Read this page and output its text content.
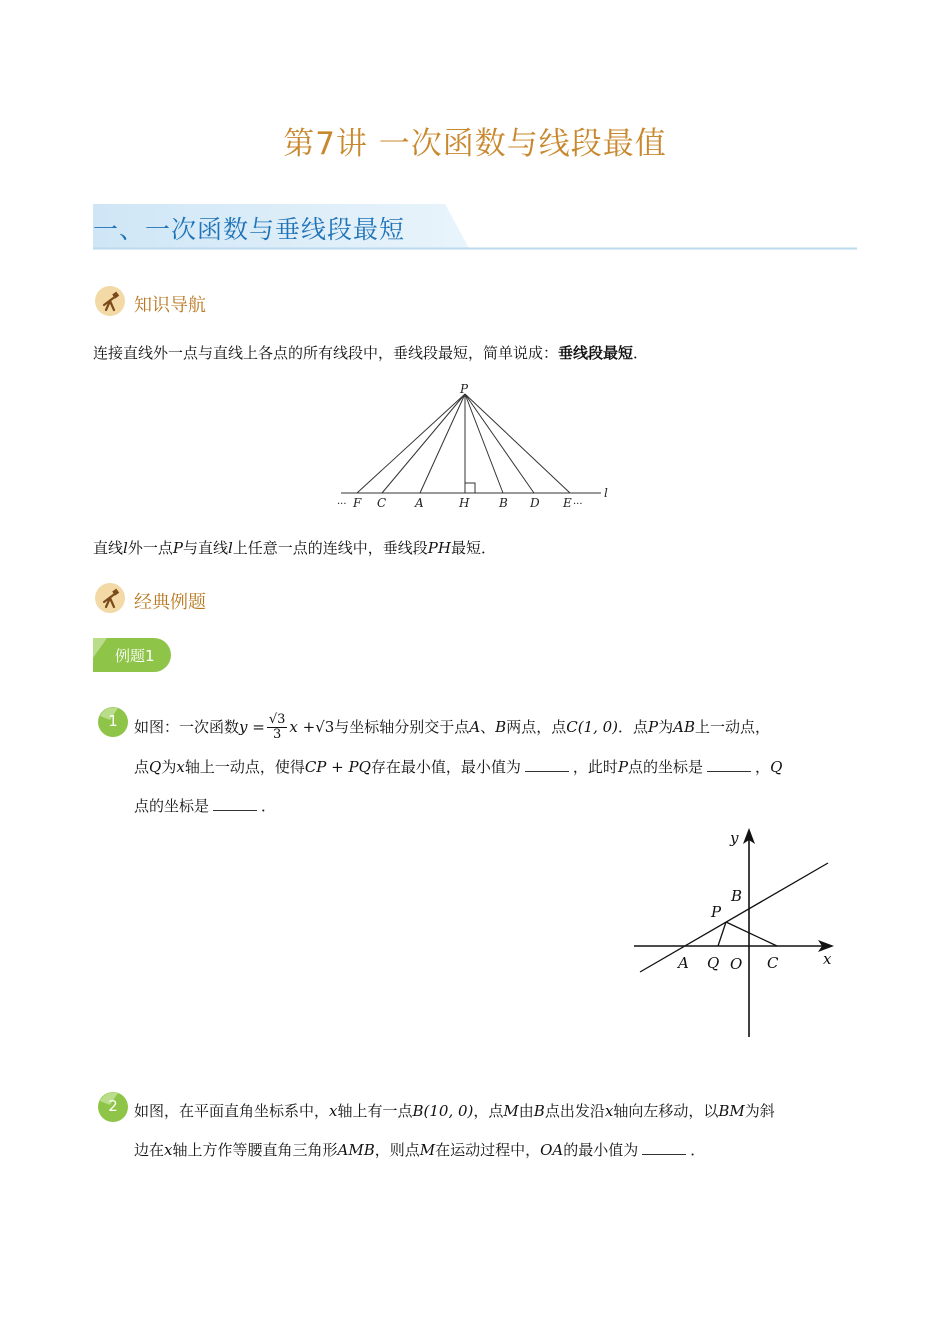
第7讲 一次函数与线段最值
一、一次函数与垂线段最短
知识导航
连接直线外一点与直线上各点的所有线段中，垂线段最短，简单说成：垂线段最短．
P
··· F C A	H B D E ···
l
直线l外一点P与直线l上任意一点的连线中，垂线段PH最短．
经典例题
例题1
1	如图：一次函数$y = \frac{√3}{3}$ x +√3与坐标轴分别交于点A、B两点，点C(1, 0)．点P为AB上一动点，
点Q为x轴上一动点，使得CP + PQ存在最小值，最小值为	，此时P点的坐标是	，Q
点的坐标是	．
y
x
B
P
A Q O C
2	如图，在平面直角坐标系中，x轴上有一点B(10, 0)，点M由B点出发沿x轴向左移动，以BM为斜
边在x轴上方作等腰直角三角形AMB，则点M在运动过程中，OA的最小值为	．
